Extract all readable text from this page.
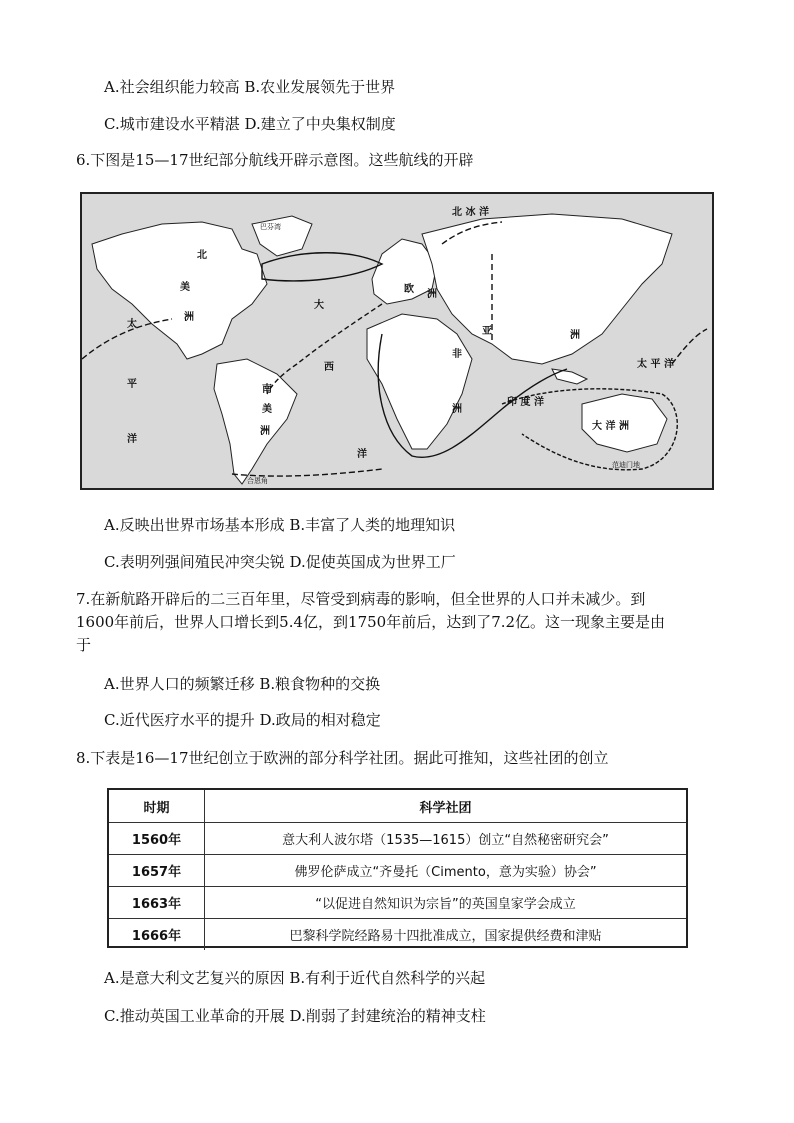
A.社会组织能力较高 B.农业发展领先于世界
C.城市建设水平精湛 D.建立了中央集权制度
6.下图是15—17世纪部分航线开辟示意图。这些航线的开辟
北
美
洲
太
平
洋
大
西
洋
欧 洲
亚	洲
非
洲
南
美
洲
印 度 洋
北 冰 洋
太 平 洋
大 洋 洲
巴芬湾
合恩角
范迪门地
A.反映出世界市场基本形成 B.丰富了人类的地理知识
C.表明列强间殖民冲突尖锐 D.促使英国成为世界工厂
7.在新航路开辟后的二三百年里，尽管受到病毒的影响，但全世界的人口并未减少。到
1600年前后，世界人口增长到5.4亿，到1750年前后，达到了7.2亿。这一现象主要是由
于
A.世界人口的频繁迁移 B.粮食物种的交换
C.近代医疗水平的提升 D.政局的相对稳定
8.下表是16—17世纪创立于欧洲的部分科学社团。据此可推知，这些社团的创立
时期	科学社团
1560年	意大利人波尔塔（1535—1615）创立“自然秘密研究会”
1657年	佛罗伦萨成立“齐曼托（Cimento，意为实验）协会”
1663年	“以促进自然知识为宗旨”的英国皇家学会成立
1666年	巴黎科学院经路易十四批准成立，国家提供经费和津贴
A.是意大利文艺复兴的原因 B.有利于近代自然科学的兴起
C.推动英国工业革命的开展 D.削弱了封建统治的精神支柱
